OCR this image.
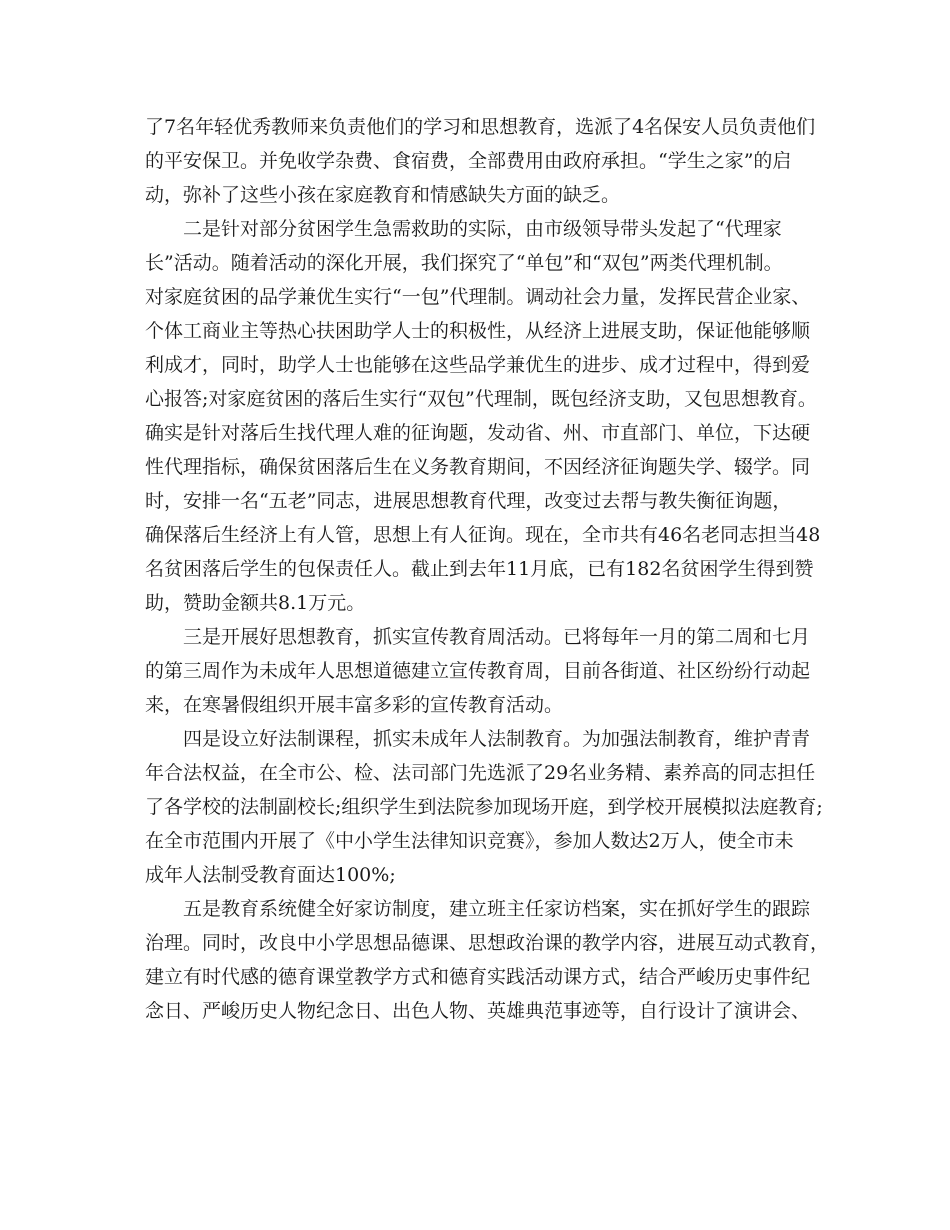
了7名年轻优秀教师来负责他们的学习和思想教育，选派了4名保安人员负责他们

的平安保卫。并免收学杂费、食宿费，全部费用由政府承担。“学生之家”的启

动，弥补了这些小孩在家庭教育和情感缺失方面的缺乏。

二是针对部分贫困学生急需救助的实际，由市级领导带头发起了“代理家

长”活动。随着活动的深化开展，我们探究了“单包”和“双包”两类代理机制。

对家庭贫困的品学兼优生实行“一包”代理制。调动社会力量，发挥民营企业家、

个体工商业主等热心扶困助学人士的积极性，从经济上进展支助，保证他能够顺

利成才，同时，助学人士也能够在这些品学兼优生的进步、成才过程中，得到爱

心报答;对家庭贫困的落后生实行“双包”代理制，既包经济支助，又包思想教育。

确实是针对落后生找代理人难的征询题，发动省、州、市直部门、单位，下达硬

性代理指标，确保贫困落后生在义务教育期间，不因经济征询题失学、辍学。同

时，安排一名“五老”同志，进展思想教育代理，改变过去帮与教失衡征询题，

确保落后生经济上有人管，思想上有人征询。现在，全市共有46名老同志担当48

名贫困落后学生的包保责任人。截止到去年11月底，已有182名贫困学生得到赞

助，赞助金额共8.1万元。

三是开展好思想教育，抓实宣传教育周活动。已将每年一月的第二周和七月

的第三周作为未成年人思想道德建立宣传教育周，目前各街道、社区纷纷行动起

来，在寒暑假组织开展丰富多彩的宣传教育活动。

四是设立好法制课程，抓实未成年人法制教育。为加强法制教育，维护青青

年合法权益，在全市公、检、法司部门先选派了29名业务精、素养高的同志担任

了各学校的法制副校长;组织学生到法院参加现场开庭，到学校开展模拟法庭教育;

在全市范围内开展了《中小学生法律知识竞赛》，参加人数达2万人，使全市未

成年人法制受教育面达100%;

五是教育系统健全好家访制度，建立班主任家访档案，实在抓好学生的跟踪

治理。同时，改良中小学思想品德课、思想政治课的教学内容，进展互动式教育，

建立有时代感的德育课堂教学方式和德育实践活动课方式，结合严峻历史事件纪

念日、严峻历史人物纪念日、出色人物、英雄典范事迹等，自行设计了演讲会、
